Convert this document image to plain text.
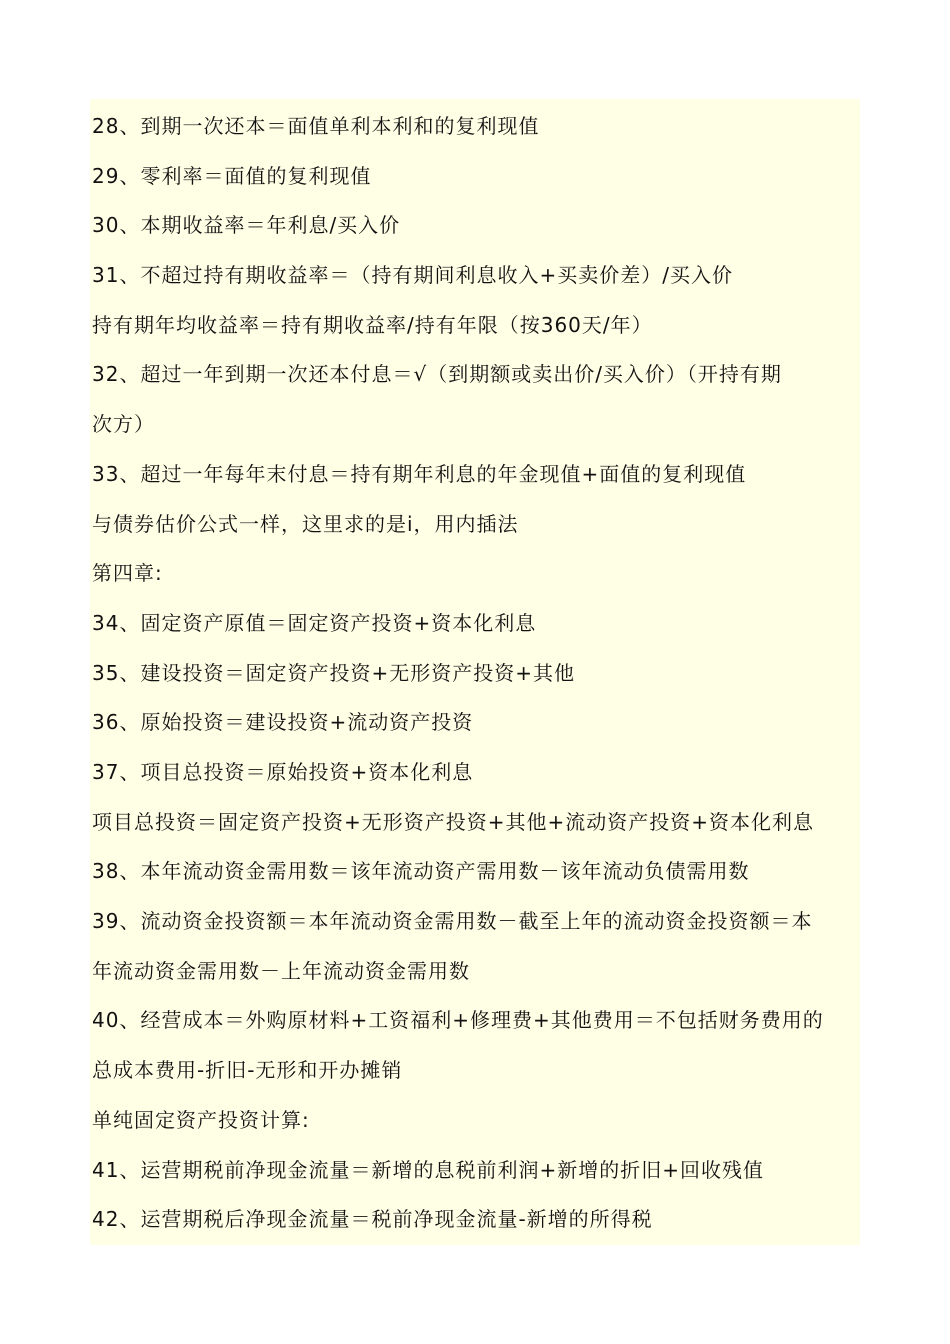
28、到期一次还本＝面值单利本利和的复利现值
29、零利率＝面值的复利现值
30、本期收益率＝年利息/买入价
31、不超过持有期收益率＝（持有期间利息收入+买卖价差）/买入价
持有期年均收益率＝持有期收益率/持有年限（按360天/年）
32、超过一年到期一次还本付息＝√（到期额或卖出价/买入价）（开持有期
次方）
33、超过一年每年末付息＝持有期年利息的年金现值+面值的复利现值
与债券估价公式一样，这里求的是i，用内插法
第四章:
34、固定资产原值＝固定资产投资+资本化利息
35、建设投资＝固定资产投资+无形资产投资+其他
36、原始投资＝建设投资+流动资产投资
37、项目总投资＝原始投资+资本化利息
项目总投资＝固定资产投资+无形资产投资+其他+流动资产投资+资本化利息
38、本年流动资金需用数＝该年流动资产需用数－该年流动负债需用数
39、流动资金投资额＝本年流动资金需用数－截至上年的流动资金投资额＝本
年流动资金需用数－上年流动资金需用数
40、经营成本＝外购原材料+工资福利+修理费+其他费用＝不包括财务费用的
总成本费用-折旧-无形和开办摊销
单纯固定资产投资计算:
41、运营期税前净现金流量＝新增的息税前利润+新增的折旧+回收残值
42、运营期税后净现金流量＝税前净现金流量-新增的所得税
